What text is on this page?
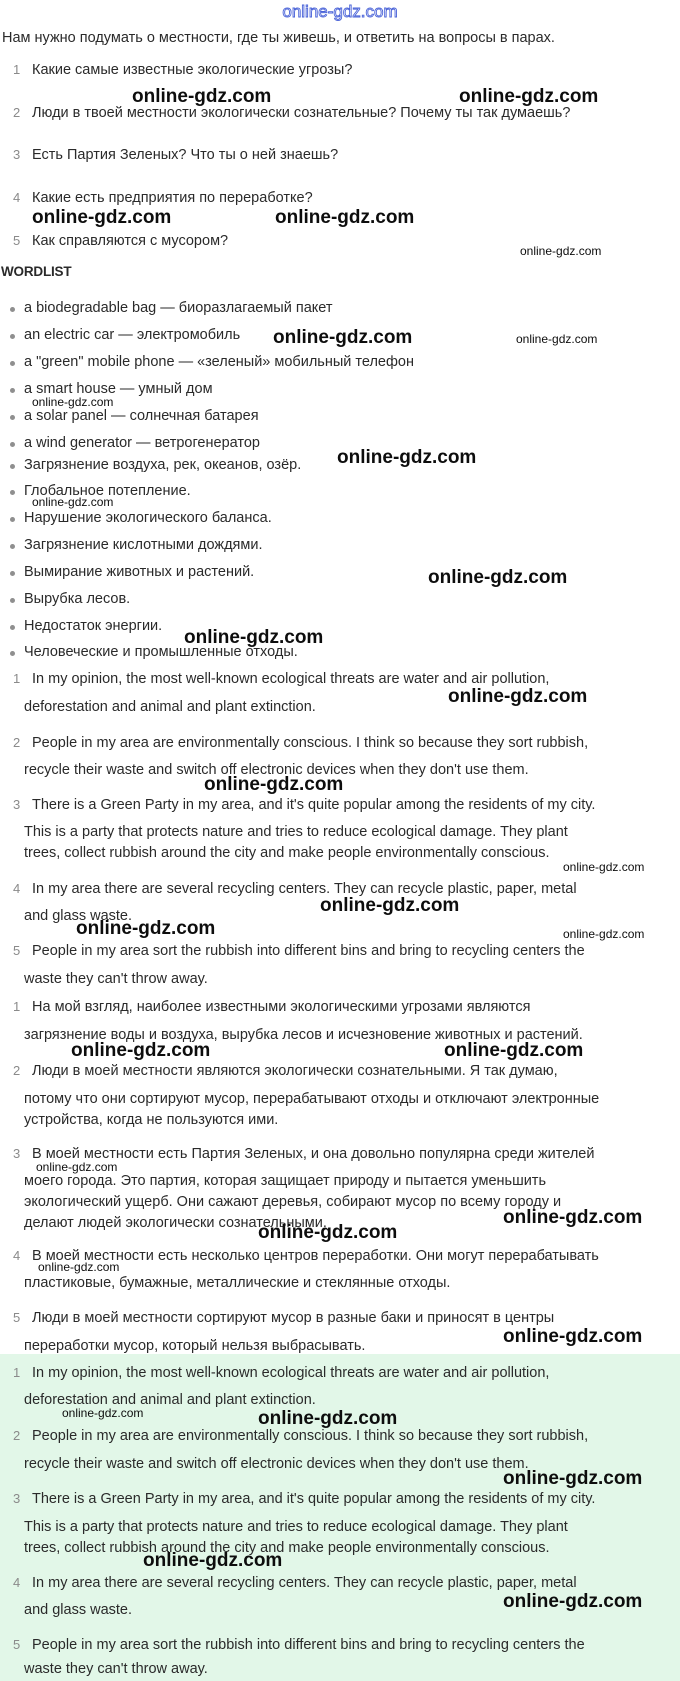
online-gdz.com
Нам нужно подумать о местности, где ты живешь, и ответить на вопросы в парах.
1 Какие самые известные экологические угрозы?
2 Люди в твоей местности экологически сознательные? Почему ты так думаешь?
3 Есть Партия Зеленых? Что ты о ней знаешь?
4 Какие есть предприятия по переработке?
5 Как справляются с мусором?
WORDLIST
a biodegradable bag — биоразлагаемый пакет
an electric car — электромобиль
a "green" mobile phone — «зеленый» мобильный телефон
a smart house — умный дом
a solar panel — солнечная батарея
a wind generator — ветрогенератор
Загрязнение воздуха, рек, океанов, озёр.
Глобальное потепление.
Нарушение экологического баланса.
Загрязнение кислотными дождями.
Вымирание животных и растений.
Вырубка лесов.
Недостаток энергии.
Человеческие и промышленные отходы.
1 In my opinion, the most well-known ecological threats are water and air pollution,
deforestation and animal and plant extinction.
2 People in my area are environmentally conscious. I think so because they sort rubbish,
recycle their waste and switch off electronic devices when they don't use them.
3 There is a Green Party in my area, and it's quite popular among the residents of my city.
This is a party that protects nature and tries to reduce ecological damage. They plant
trees, collect rubbish around the city and make people environmentally conscious.
4 In my area there are several recycling centers. They can recycle plastic, paper, metal
and glass waste.
5 People in my area sort the rubbish into different bins and bring to recycling centers the
waste they can't throw away.
1 На мой взгляд, наиболее известными экологическими угрозами являются
загрязнение воды и воздуха, вырубка лесов и исчезновение животных и растений.
2 Люди в моей местности являются экологически сознательными. Я так думаю,
потому что они сортируют мусор, перерабатывают отходы и отключают электронные
устройства, когда не пользуются ими.
3 В моей местности есть Партия Зеленых, и она довольно популярна среди жителей
моего города. Это партия, которая защищает природу и пытается уменьшить
экологический ущерб. Они сажают деревья, собирают мусор по всему городу и
делают людей экологически сознательными.
4 В моей местности есть несколько центров переработки. Они могут перерабатывать
пластиковые, бумажные, металлические и стеклянные отходы.
5 Люди в моей местности сортируют мусор в разные баки и приносят в центры
переработки мусор, который нельзя выбрасывать.
1 In my opinion, the most well-known ecological threats are water and air pollution,
deforestation and animal and plant extinction.
2 People in my area are environmentally conscious. I think so because they sort rubbish,
recycle their waste and switch off electronic devices when they don't use them.
3 There is a Green Party in my area, and it's quite popular among the residents of my city.
This is a party that protects nature and tries to reduce ecological damage. They plant
trees, collect rubbish around the city and make people environmentally conscious.
4 In my area there are several recycling centers. They can recycle plastic, paper, metal
and glass waste.
5 People in my area sort the rubbish into different bins and bring to recycling centers the
waste they can't throw away.
online-gdz.com	online-gdz.com
online-gdz.com	online-gdz.com
online-gdz.com
online-gdz.com	online-gdz.com
online-gdz.com
online-gdz.com
online-gdz.com
online-gdz.com
online-gdz.com
online-gdz.com
online-gdz.com
online-gdz.com
online-gdz.com
online-gdz.com	online-gdz.com
online-gdz.com	online-gdz.com
online-gdz.com
online-gdz.com
online-gdz.com
online-gdz.com
online-gdz.com
online-gdz.com	online-gdz.com
online-gdz.com
online-gdz.com
online-gdz.com
